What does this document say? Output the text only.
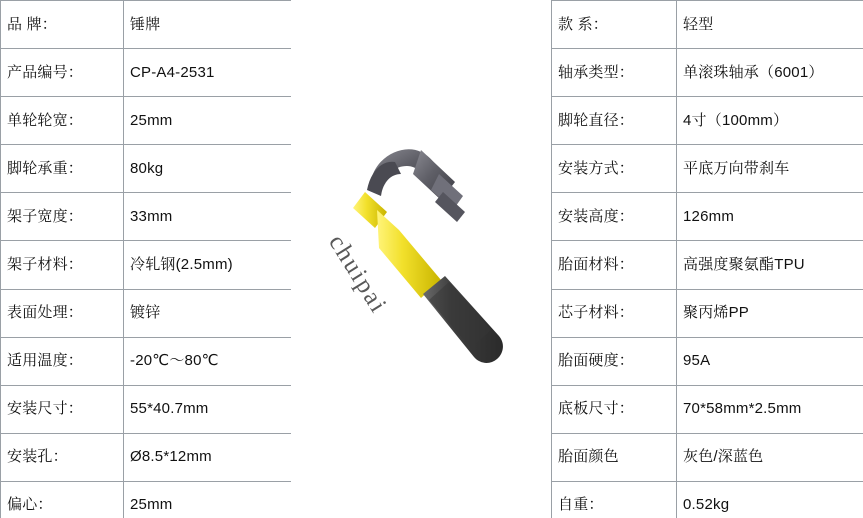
品 牌：	锤牌
产品编号：	CP-A4-2531
单轮轮宽：	25mm
脚轮承重：	80kg
架子宽度：	33mm
架子材料：	冷轧钢(2.5mm)
表面处理：	镀锌
适用温度：	-20℃～80℃
安装尺寸：	55*40.7mm
安装孔：	Ø8.5*12mm
偏心：	25mm
chuipai
款 系：	轻型
轴承类型：	单滚珠轴承（6001）
脚轮直径：	4寸（100mm）
安装方式：	平底万向带刹车
安装高度：	126mm
胎面材料：	高强度聚氨酯TPU
芯子材料：	聚丙烯PP
胎面硬度：	95A
底板尺寸：	70*58mm*2.5mm
胎面颜色	灰色/深蓝色
自重：	0.52kg
